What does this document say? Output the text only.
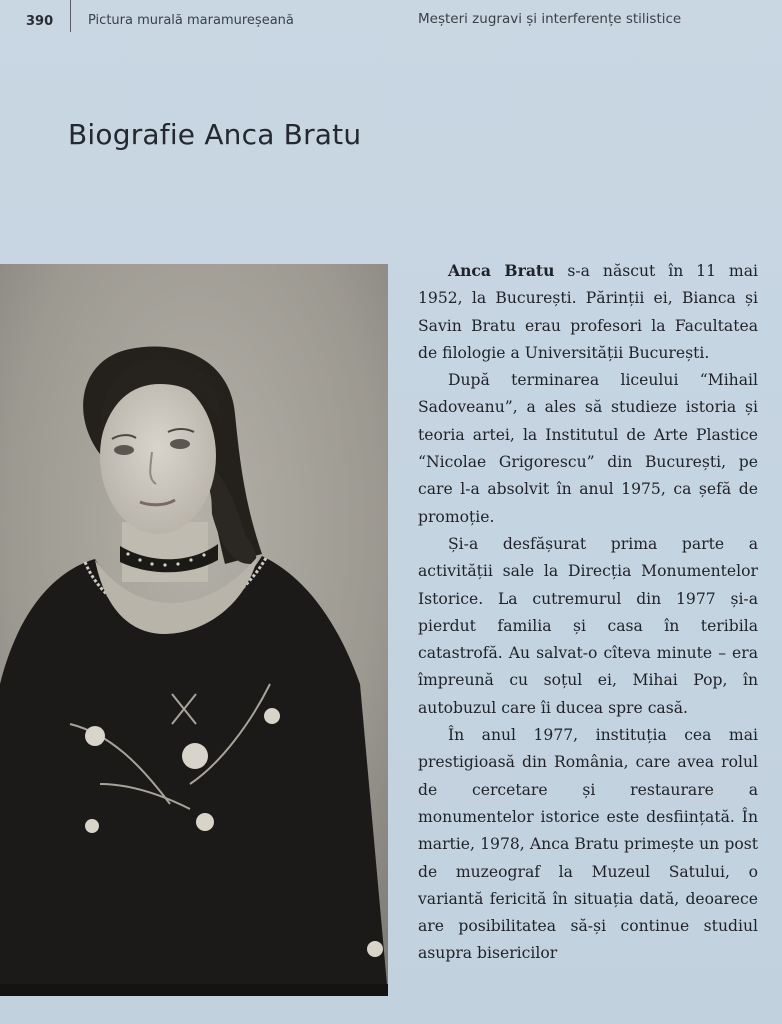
390	Pictura murală maramureșeană	Meșteri zugravi și interferențe stilistice
Biografie Anca Bratu

Anca Bratu s-a născut în 11 mai 1952, la București. Părinții ei, Bianca și Savin Bratu erau profesori la Facultatea de filologie a Universității București.

După terminarea liceului “Mihail Sadoveanu”, a ales să studieze istoria și teoria artei, la Institutul de Arte Plastice “Nicolae Grigorescu” din București, pe care l-a absolvit în anul 1975, ca șefă de promoție.

Și-a desfășurat prima parte a activității sale la Direcția Monumentelor Istorice. La cutremurul din 1977 și-a pierdut familia și casa în teribila catastrofă. Au salvat-o cîteva minute – era împreună cu soțul ei, Mihai Pop, în autobuzul care îi ducea spre casă.

În anul 1977, instituția cea mai prestigioasă din România, care avea rolul de cercetare și restaurare a monumentelor istorice este desființată. În martie, 1978, Anca Bratu primește un post de muzeograf la Muzeul Satului, o variantă fericită în situația dată, deoarece are posibilitatea să-și continue studiul asupra bisericilor
